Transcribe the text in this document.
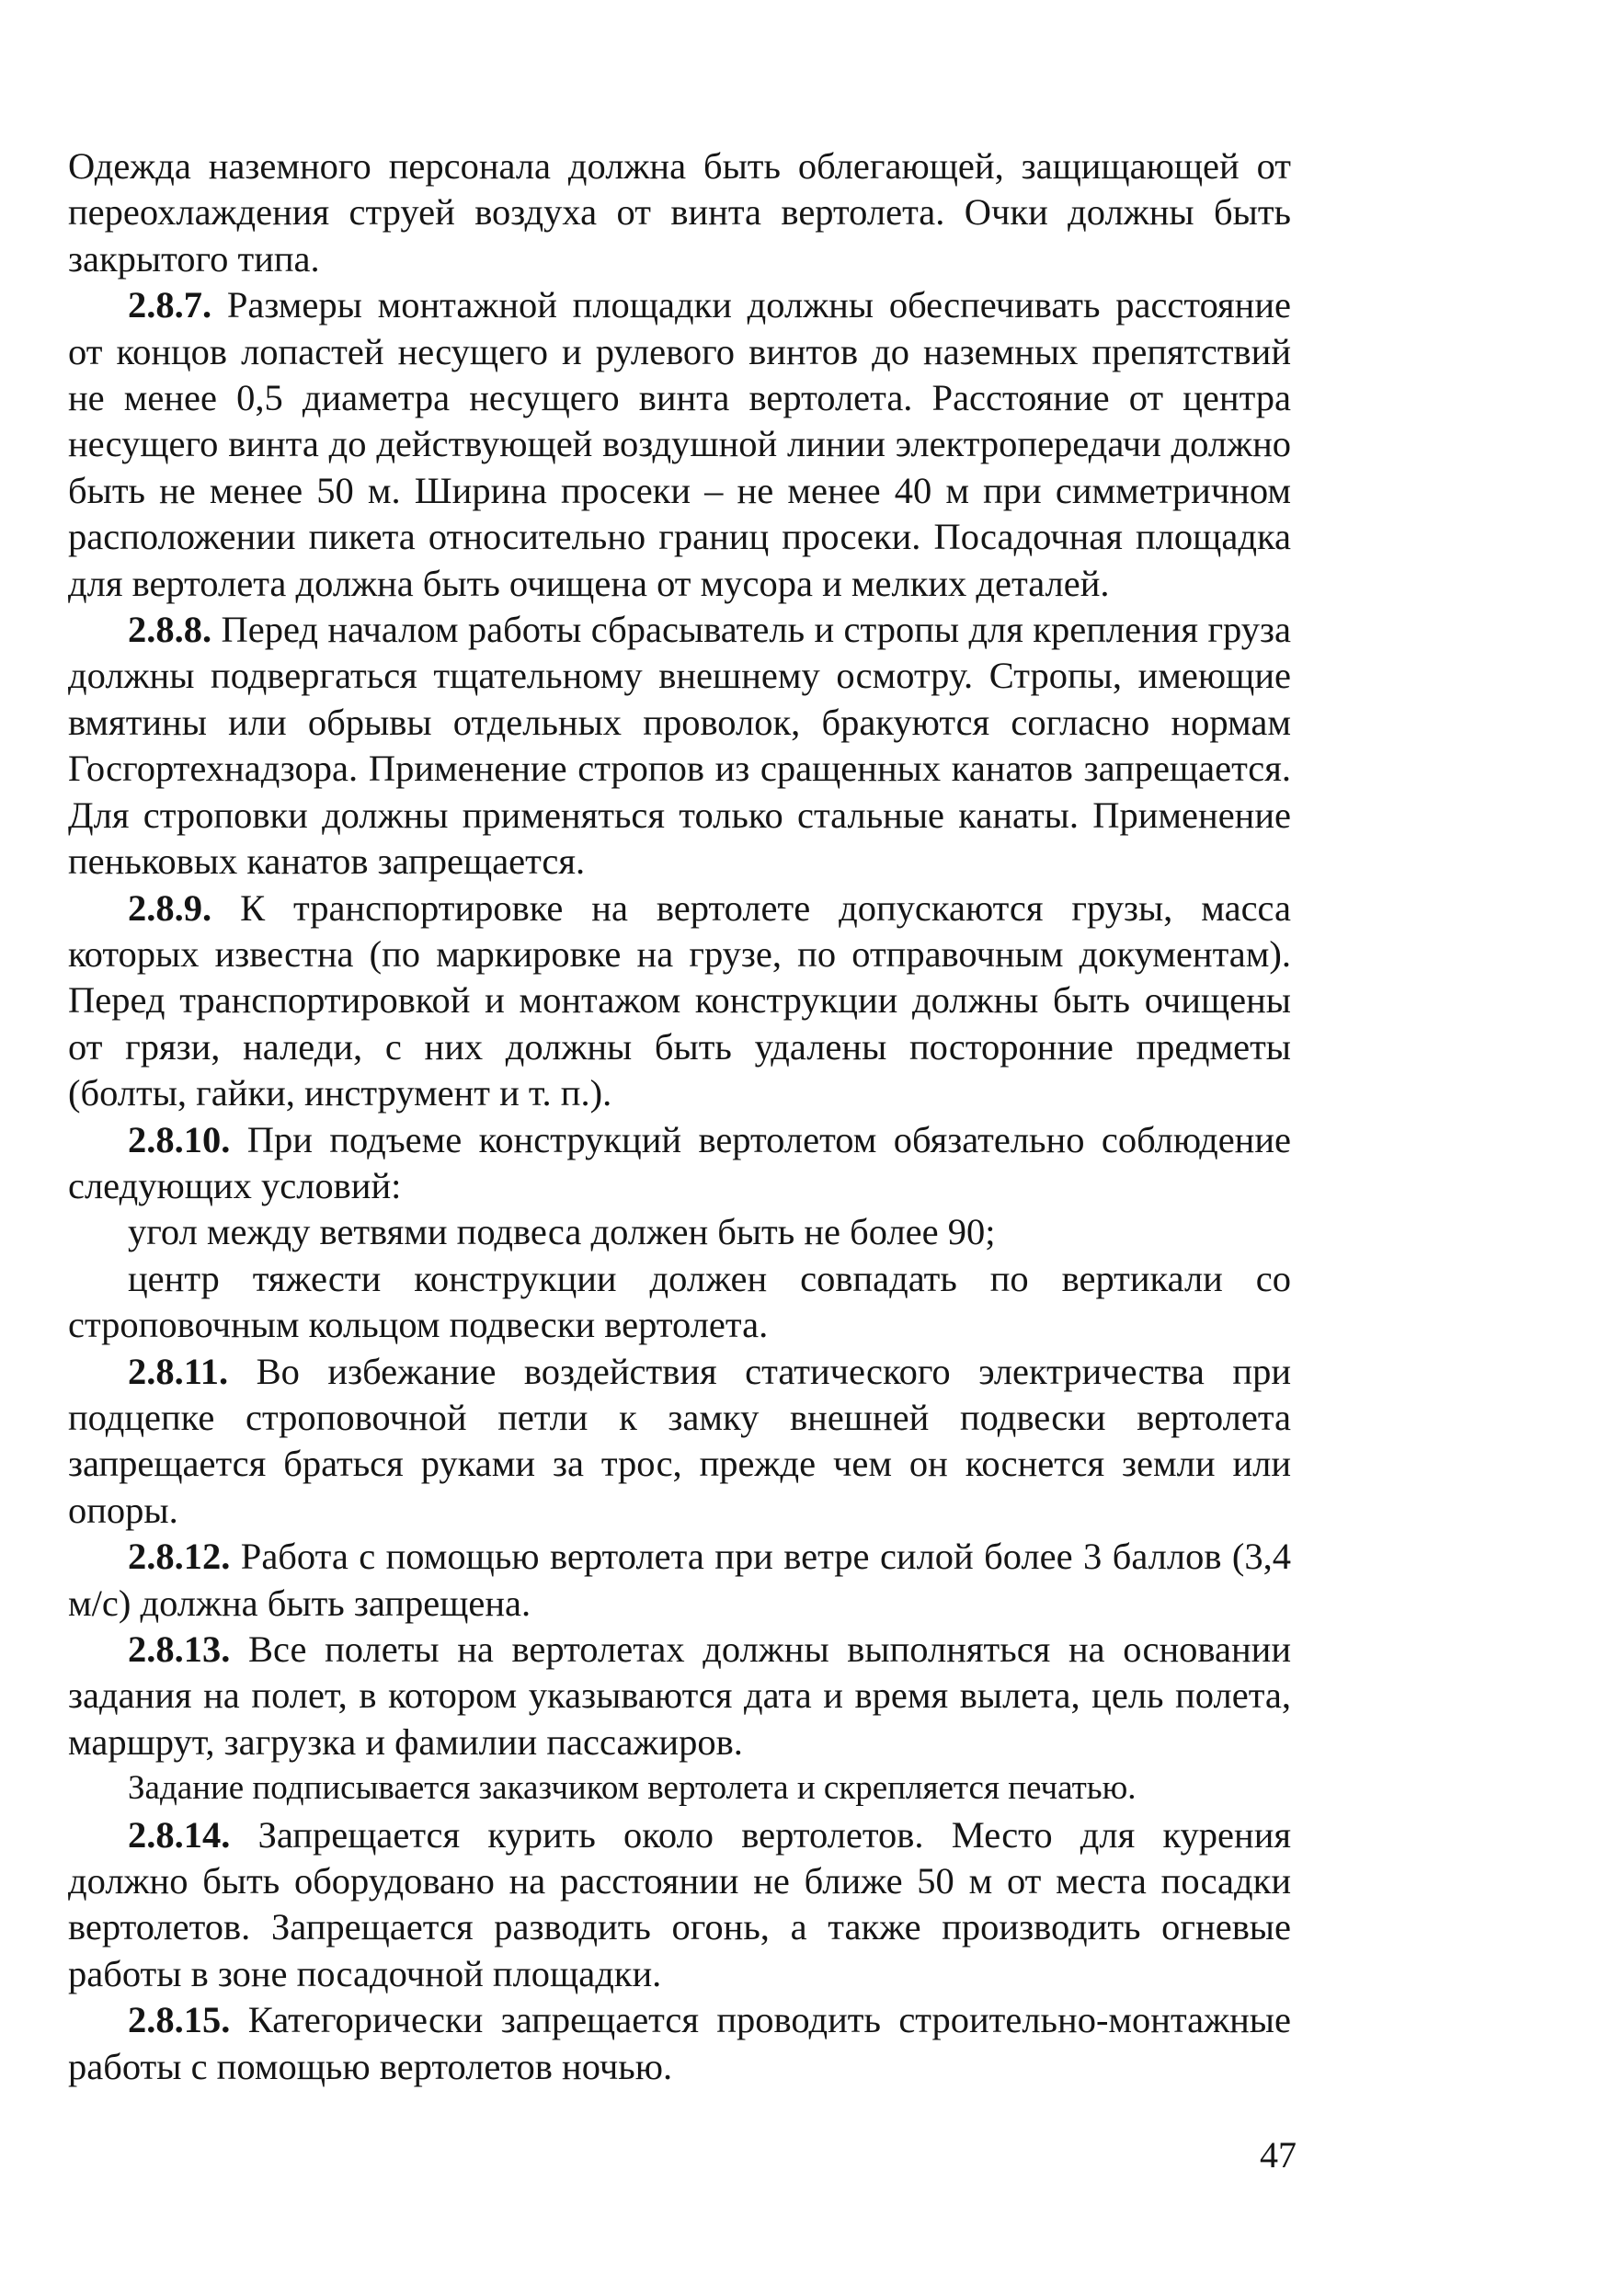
Одежда наземного персонала должна быть облегающей, защищающей от переохлаждения струей воздуха от винта вертолета. Очки должны быть закрытого типа.

2.8.7. Размеры монтажной площадки должны обеспечивать расстояние от концов лопастей несущего и рулевого винтов до наземных препятствий не менее 0,5 диаметра несущего винта вертолета. Расстояние от центра несущего винта до действующей воздушной линии электропередачи должно быть не менее 50 м. Ширина просеки – не менее 40 м при симметричном расположении пикета относительно границ просеки. Посадочная площадка для вертолета должна быть очищена от мусора и мелких деталей.

2.8.8. Перед началом работы сбрасыватель и стропы для крепления груза должны подвергаться тщательному внешнему осмотру. Стропы, имеющие вмятины или обрывы отдельных проволок, бракуются согласно нормам Госгортехнадзора. Применение стропов из сращенных канатов запрещается. Для строповки должны применяться только стальные канаты. Применение пеньковых канатов запрещается.

2.8.9. К транспортировке на вертолете допускаются грузы, масса которых известна (по маркировке на грузе, по отправочным документам). Перед транспортировкой и монтажом конструкции должны быть очищены от грязи, наледи, с них должны быть удалены посторонние предметы (болты, гайки, инструмент и т. п.).

2.8.10. При подъеме конструкций вертолетом обязательно соблюдение следующих условий:

угол между ветвями подвеса должен быть не более 90;

центр тяжести конструкции должен совпадать по вертикали со строповочным кольцом подвески вертолета.

2.8.11. Во избежание воздействия статического электричества при подцепке строповочной петли к замку внешней подвески вертолета запрещается браться руками за трос, прежде чем он коснется земли или опоры.

2.8.12. Работа с помощью вертолета при ветре силой более 3 баллов (3,4 м/с) должна быть запрещена.

2.8.13. Все полеты на вертолетах должны выполняться на основании задания на полет, в котором указываются дата и время вылета, цель полета, маршрут, загрузка и фамилии пассажиров.

Задание подписывается заказчиком вертолета и скрепляется печатью.

2.8.14. Запрещается курить около вертолетов. Место для курения должно быть оборудовано на расстоянии не ближе 50 м от места посадки вертолетов. Запрещается разводить огонь, а также производить огневые работы в зоне посадочной площадки.

2.8.15. Категорически запрещается проводить строительно-монтажные работы с помощью вертолетов ночью.

47
